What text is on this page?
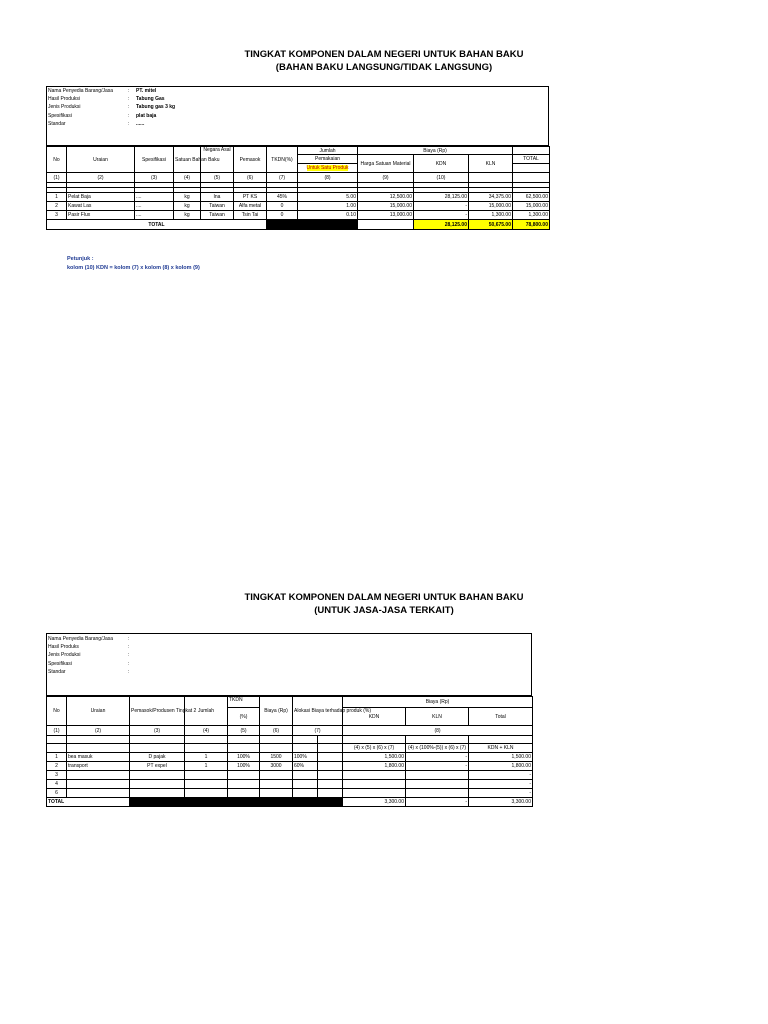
TINGKAT KOMPONEN DALAM NEGERI UNTUK BAHAN BAKU
(BAHAN BAKU LANGSUNG/TIDAK LANGSUNG)
Nama Penyedia Barang/Jasa	:	PT. mitel
Hasil Produksi	:	Tabung Gas
Jenis Produksi	:	Tabung gas 3 kg
Spesifikasi	:	plat baja
Standar	:	......
No	Uraian	Spesifikasi	Satuan Bahan Baku	Negara Asal	Pemasok	TKDN(%)	Jumlah	Biaya (Rp)			
							Pemakaian	Harga Satuan Material	KDN	KLN	TOTAL
							Untuk Satu Produk				
(1)	(2)	(3)	(4)	(5)	(6)	(7)	(8)	(9)	(10)		

1	Pelat Baja	....	kg	Ina	PT KS	45%	5.00	12,500.00	28,125.00	34,375.00	62,500.00
2	Kawat Las	....	kg	Taiwan	Alfa metal	0	1.00	15,000.00	-	15,000.00	15,000.00
3	Pasir Flux	....	kg	Taiwan	Tsin Tai	0	0.10	13,000.00	-	1,300.00	1,300.00
TOTAL									28,125.00	50,675.00	78,800.00
Petunjuk :
kolom (10) KDN = kolom (7) x kolom (8) x kolom (9)
TINGKAT KOMPONEN DALAM NEGERI UNTUK BAHAN BAKU
(UNTUK JASA-JASA TERKAIT)
Nama Penyedia Barang/Jasa	:
Hasil Produks	:
Jenis Produksi	:
Spesifikasi	:
Standar	:
No	Uraian	Pemasok/Produsen Tingkat 2	Jumlah	TKDN	Biaya (Rp)	Alokasi Biaya terhadap produk (%)		Biaya (Rp)		
				(%)				KDN	KLN	Total
(1)	(2)	(3)	(4)	(5)	(6)	(7)		(8)		

								(4) x (5) x (6) x (7)	(4) x (100%-(5)) x (6) x (7)	KDN + KLN
1	bea masuk	D pajak	1	100%	1500	100%		1,500.00	-	1,500.00
2	transport	PT expel	1	100%	3000	60%		1,800.00	-	1,800.00
3										-
4										-
6										-
TOTAL								3,300.00	-	3,300.00
